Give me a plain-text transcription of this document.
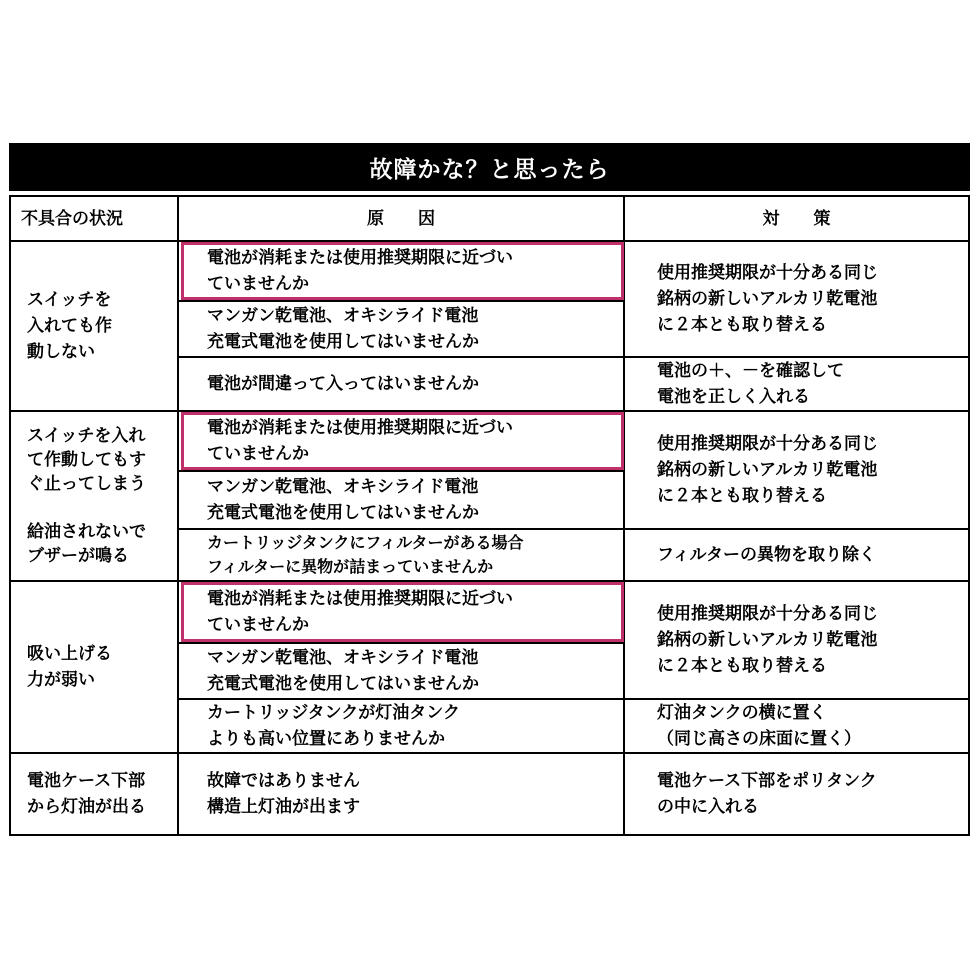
故障かな？と思ったら
不具合の状況	原　　因	対　　策
スイッチを
入れても作
動しない
電池が消耗または使用推奨期限に近づい
ていませんか
マンガン乾電池、オキシライド電池
充電式電池を使用してはいませんか
電池が間違って入ってはいませんか
使用推奨期限が十分ある同じ
銘柄の新しいアルカリ乾電池
に２本とも取り替える
電池の＋、－を確認して
電池を正しく入れる
スイッチを入れ
て作動してもす
ぐ止ってしまう

給油されないで
ブザーが鳴る
電池が消耗または使用推奨期限に近づい
ていませんか
マンガン乾電池、オキシライド電池
充電式電池を使用してはいませんか
カートリッジタンクにフィルターがある場合
フィルターに異物が詰まっていませんか
使用推奨期限が十分ある同じ
銘柄の新しいアルカリ乾電池
に２本とも取り替える
フィルターの異物を取り除く
吸い上げる
力が弱い
電池が消耗または使用推奨期限に近づい
ていませんか
マンガン乾電池、オキシライド電池
充電式電池を使用してはいませんか
カートリッジタンクが灯油タンク
よりも高い位置にありませんか
使用推奨期限が十分ある同じ
銘柄の新しいアルカリ乾電池
に２本とも取り替える
灯油タンクの横に置く
（同じ高さの床面に置く）
電池ケース下部
から灯油が出る
故障ではありません
構造上灯油が出ます
電池ケース下部をポリタンク
の中に入れる
